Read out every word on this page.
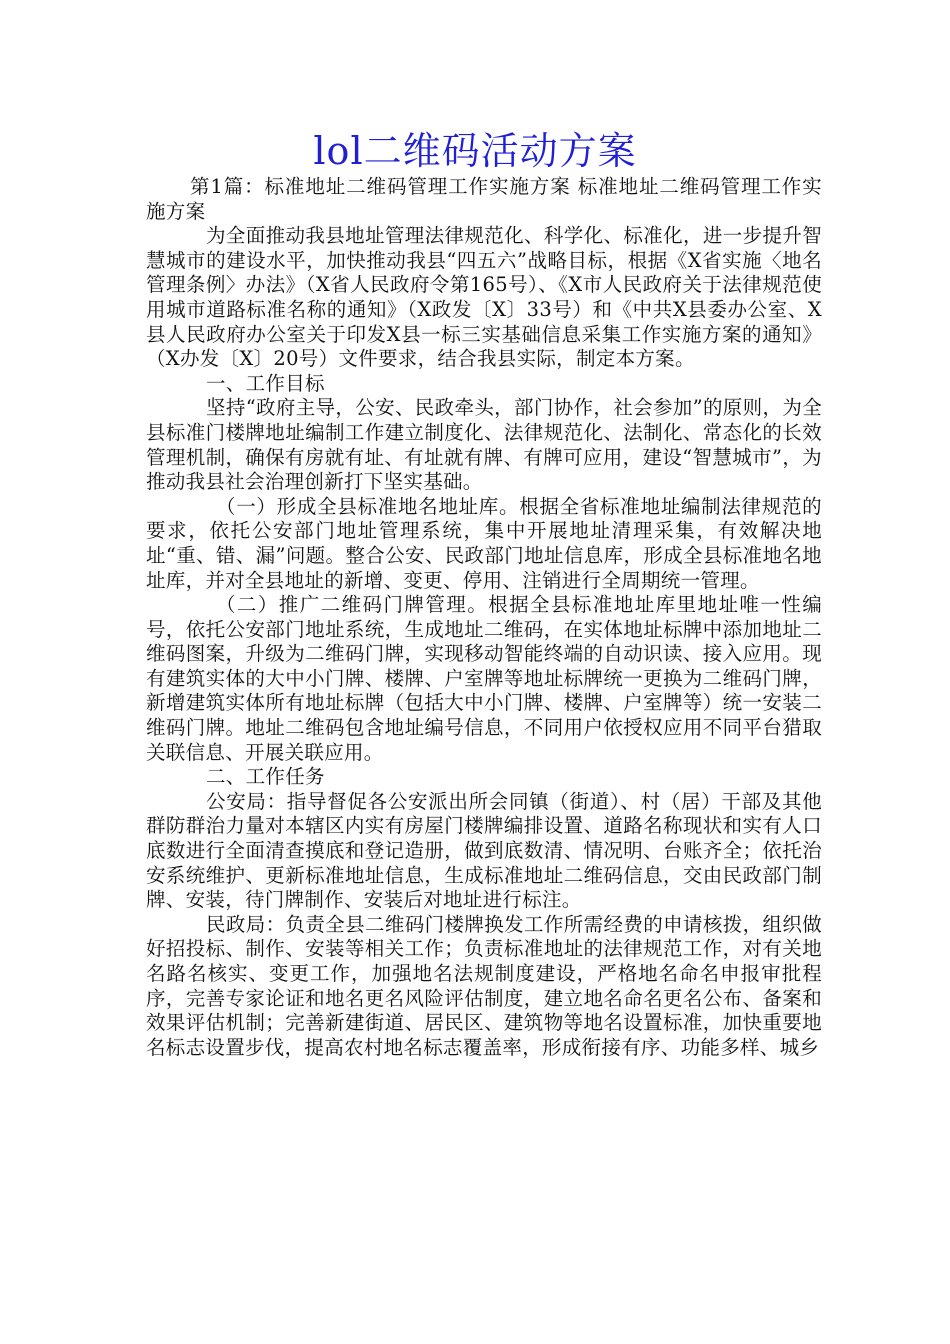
lol二维码活动方案

第1篇：标准地址二维码管理工作实施方案 标准地址二维码管理工作实施方案

为全面推动我县地址管理法律规范化、科学化、标准化，进一步提升智慧城市的建设水平，加快推动我县“四五六”战略目标，根据《X省实施〈地名管理条例〉办法》（X省人民政府令第165号）、《X市人民政府关于法律规范使用城市道路标准名称的通知》（X政发〔X〕33号）和《中共X县委办公室、X县人民政府办公室关于印发X县一标三实基础信息采集工作实施方案的通知》（X办发〔X〕20号）文件要求，结合我县实际，制定本方案。

一、工作目标

坚持“政府主导，公安、民政牵头，部门协作，社会参加”的原则，为全县标准门楼牌地址编制工作建立制度化、法律规范化、法制化、常态化的长效管理机制，确保有房就有址、有址就有牌、有牌可应用，建设“智慧城市”，为推动我县社会治理创新打下坚实基础。

（一）形成全县标准地名地址库。根据全省标准地址编制法律规范的要求，依托公安部门地址管理系统，集中开展地址清理采集，有效解决地址“重、错、漏”问题。整合公安、民政部门地址信息库，形成全县标准地名地址库，并对全县地址的新增、变更、停用、注销进行全周期统一管理。

（二）推广二维码门牌管理。根据全县标准地址库里地址唯一性编号，依托公安部门地址系统，生成地址二维码，在实体地址标牌中添加地址二维码图案，升级为二维码门牌，实现移动智能终端的自动识读、接入应用。现有建筑实体的大中小门牌、楼牌、户室牌等地址标牌统一更换为二维码门牌，新增建筑实体所有地址标牌（包括大中小门牌、楼牌、户室牌等）统一安装二维码门牌。地址二维码包含地址编号信息，不同用户依授权应用不同平台猎取关联信息、开展关联应用。

二、工作任务

公安局：指导督促各公安派出所会同镇（街道）、村（居）干部及其他群防群治力量对本辖区内实有房屋门楼牌编排设置、道路名称现状和实有人口底数进行全面清查摸底和登记造册，做到底数清、情况明、台账齐全；依托治安系统维护、更新标准地址信息，生成标准地址二维码信息，交由民政部门制牌、安装，待门牌制作、安装后对地址进行标注。

民政局：负责全县二维码门楼牌换发工作所需经费的申请核拨，组织做好招投标、制作、安装等相关工作；负责标准地址的法律规范工作，对有关地名路名核实、变更工作，加强地名法规制度建设，严格地名命名申报审批程序，完善专家论证和地名更名风险评估制度，建立地名命名更名公布、备案和效果评估机制；完善新建街道、居民区、建筑物等地名设置标准，加快重要地名标志设置步伐，提高农村地名标志覆盖率，形成衔接有序、功能多样、城乡
